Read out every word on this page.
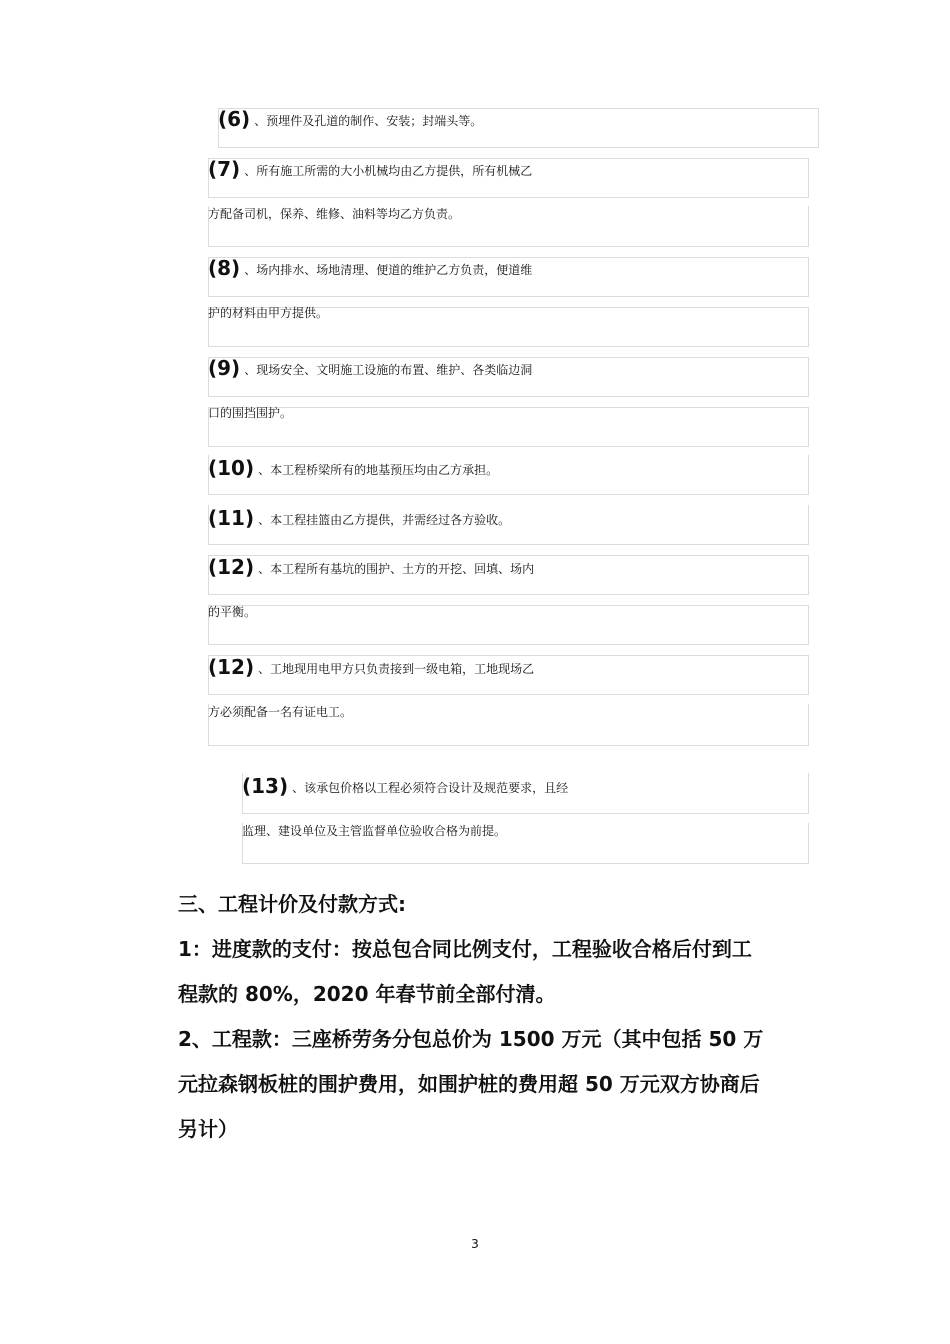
(6) 、预埋件及孔道的制作、安装；封端头等。
(7) 、所有施工所需的大小机械均由乙方提供，所有机械乙
方配备司机，保养、维修、油料等均乙方负责。
(8) 、场内排水、场地清理、便道的维护乙方负责，便道维
护的材料由甲方提供。
(9) 、现场安全、文明施工设施的布置、维护、各类临边洞
口的围挡围护。
(10) 、本工程桥梁所有的地基预压均由乙方承担。
(11) 、本工程挂篮由乙方提供，并需经过各方验收。
(12) 、本工程所有基坑的围护、土方的开挖、回填、场内
的平衡。
(12) 、工地现用电甲方只负责接到一级电箱，工地现场乙
方必须配备一名有证电工。
(13) 、该承包价格以工程必须符合设计及规范要求，且经
监理、建设单位及主管监督单位验收合格为前提。
三、工程计价及付款方式:
1：进度款的支付：按总包合同比例支付，工程验收合格后付到工
程款的 80%，2020 年春节前全部付清。
2、工程款：三座桥劳务分包总价为 1500 万元（其中包括 50 万
元拉森钢板桩的围护费用，如围护桩的费用超 50 万元双方协商后
另计）
3
